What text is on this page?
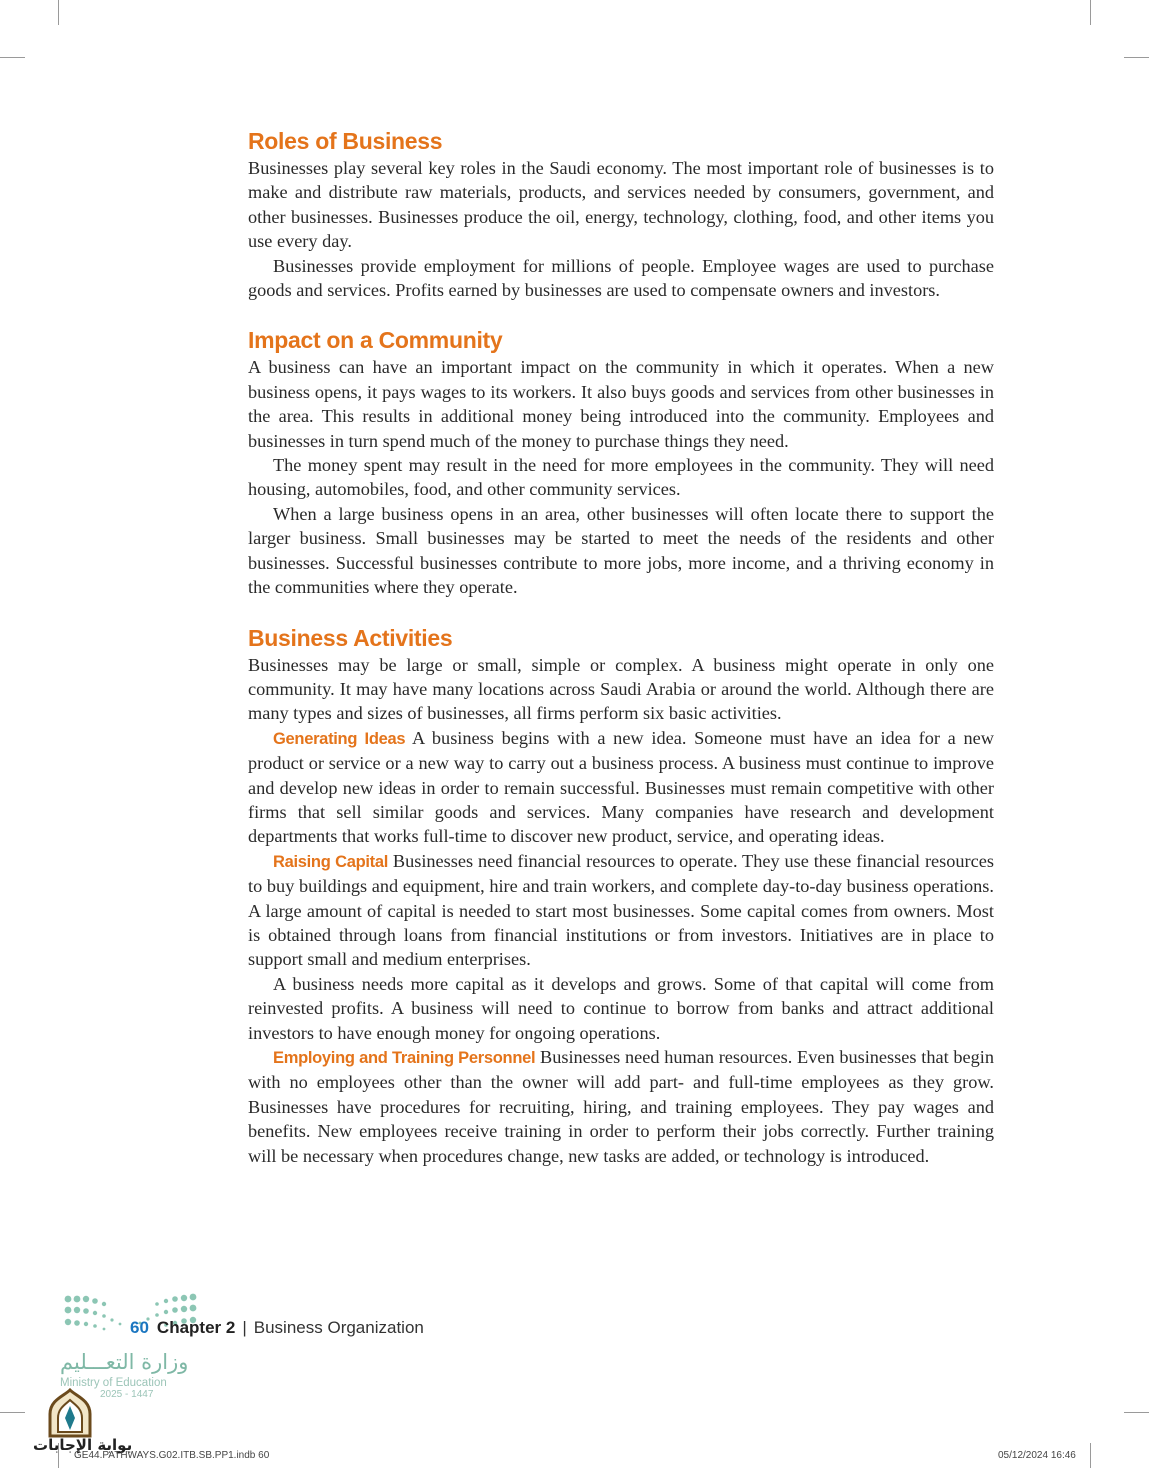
Roles of Business

Businesses play several key roles in the Saudi economy. The most important role of businesses is to make and distribute raw materials, products, and services needed by consumers, government, and other businesses. Businesses produce the oil, energy, technology, clothing, food, and other items you use every day.

Businesses provide employment for millions of people. Employee wages are used to purchase goods and services. Profits earned by businesses are used to compensate owners and investors.

Impact on a Community

A business can have an important impact on the community in which it operates. When a new business opens, it pays wages to its workers. It also buys goods and services from other businesses in the area. This results in additional money being introduced into the community. Employees and businesses in turn spend much of the money to purchase things they need.

The money spent may result in the need for more employees in the community. They will need housing, automobiles, food, and other community services.

When a large business opens in an area, other businesses will often locate there to support the larger business. Small businesses may be started to meet the needs of the residents and other businesses. Successful businesses contribute to more jobs, more income, and a thriving economy in the communities where they operate.

Business Activities

Businesses may be large or small, simple or complex. A business might operate in only one community. It may have many locations across Saudi Arabia or around the world. Although there are many types and sizes of businesses, all firms perform six basic activities.

Generating Ideas A business begins with a new idea. Someone must have an idea for a new product or service or a new way to carry out a business process. A business must continue to improve and develop new ideas in order to remain successful. Businesses must remain competitive with other firms that sell similar goods and services. Many companies have research and development departments that works full-time to discover new product, service, and operating ideas.

Raising Capital Businesses need financial resources to operate. They use these financial resources to buy buildings and equipment, hire and train workers, and complete day-to-day business operations. A large amount of capital is needed to start most businesses. Some capital comes from owners. Most is obtained through loans from financial institutions or from investors. Initiatives are in place to support small and medium enterprises.

A business needs more capital as it develops and grows. Some of that capital will come from reinvested profits. A business will need to continue to borrow from banks and attract additional investors to have enough money for ongoing operations.

Employing and Training Personnel Businesses need human resources. Even businesses that begin with no employees other than the owner will add part- and full-time employees as they grow. Businesses have procedures for recruiting, hiring, and training employees. They pay wages and benefits. New employees receive training in order to perform their jobs correctly. Further training will be necessary when procedures change, new tasks are added, or technology is introduced.

60 Chapter 2 | Business Organization
وزارة التعـــليم
Ministry of Education
2025 - 1447
بوابة الإجابات
GE44.PATHWAYS.G02.ITB.SB.PP1.indb 60	05/12/2024 16:46
